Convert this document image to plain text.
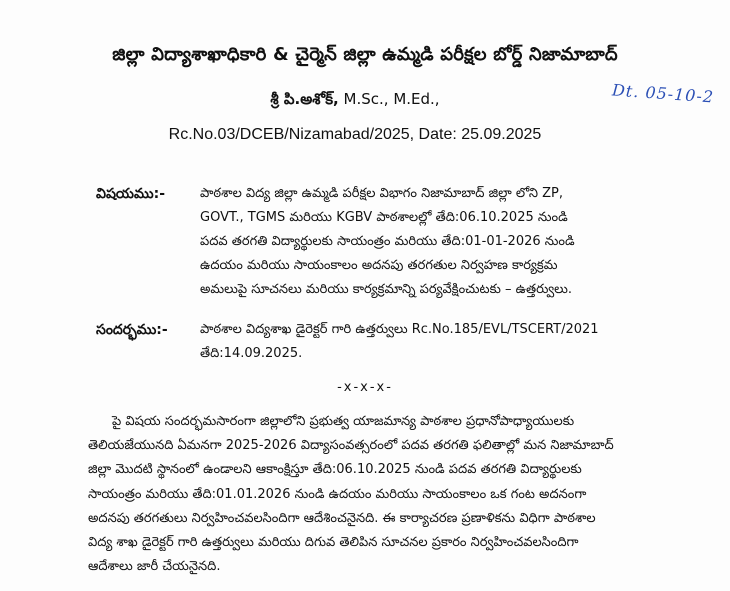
జిల్లా విద్యాశాఖాధికారి & చైర్మెన్ జిల్లా ఉమ్మడి పరీక్షల బోర్డ్ నిజామాబాద్
శ్రీ పి.అశోక్, M.Sc., M.Ed.,	Dt. 05-10-2
Rc.No.03/DCEB/Nizamabad/2025, Date: 25.09.2025
విషయము:-	పాఠశాల విద్య జిల్లా ఉమ్మడి పరీక్షల విభాగం నిజామాబాద్ జిల్లా లోని ZP,
GOVT., TGMS మరియు KGBV పాఠశాలల్లో తేది:06.10.2025 నుండి
పదవ తరగతి విద్యార్థులకు సాయంత్రం మరియు తేది:01-01-2026 నుండి
ఉదయం మరియు సాయంకాలం అదనపు తరగతుల నిర్వహణ కార్యక్రమ
అమలుపై సూచనలు మరియు కార్యక్రమాన్ని పర్యవేక్షించుటకు – ఉత్తర్వులు.
సందర్భము:- పాఠశాల విద్యశాఖ డైరెక్టర్ గారి ఉత్తర్వులు Rc.No.185/EVL/TSCERT/2021
తేది:14.09.2025.
-x-x-x-
పై విషయ సందర్భమసారంగా జిల్లాలోని ప్రభుత్వ యాజమాన్య పాఠశాల ప్రధానోపాధ్యాయులకు
తెలియజేయునది ఏమనగా 2025-2026 విద్యాసంవత్సరంలో పదవ తరగతి ఫలితాల్లో మన నిజామాబాద్
జిల్లా మొదటి స్థానంలో ఉండాలని ఆకాంక్షిస్తూ తేది:06.10.2025 నుండి పదవ తరగతి విద్యార్థులకు
సాయంత్రం మరియు తేది:01.01.2026 నుండి ఉదయం మరియు సాయంకాలం ఒక గంట అదనంగా
అదనపు తరగతులు నిర్వహించవలసిందిగా ఆదేశించనైనది. ఈ కార్యాచరణ ప్రణాళికను విధిగా పాఠశాల
విద్య శాఖ డైరెక్టర్ గారి ఉత్తర్వులు మరియు దిగువ తెలిపిన సూచనల ప్రకారం నిర్వహించవలసిందిగా
ఆదేశాలు జారీ చేయనైనది.
